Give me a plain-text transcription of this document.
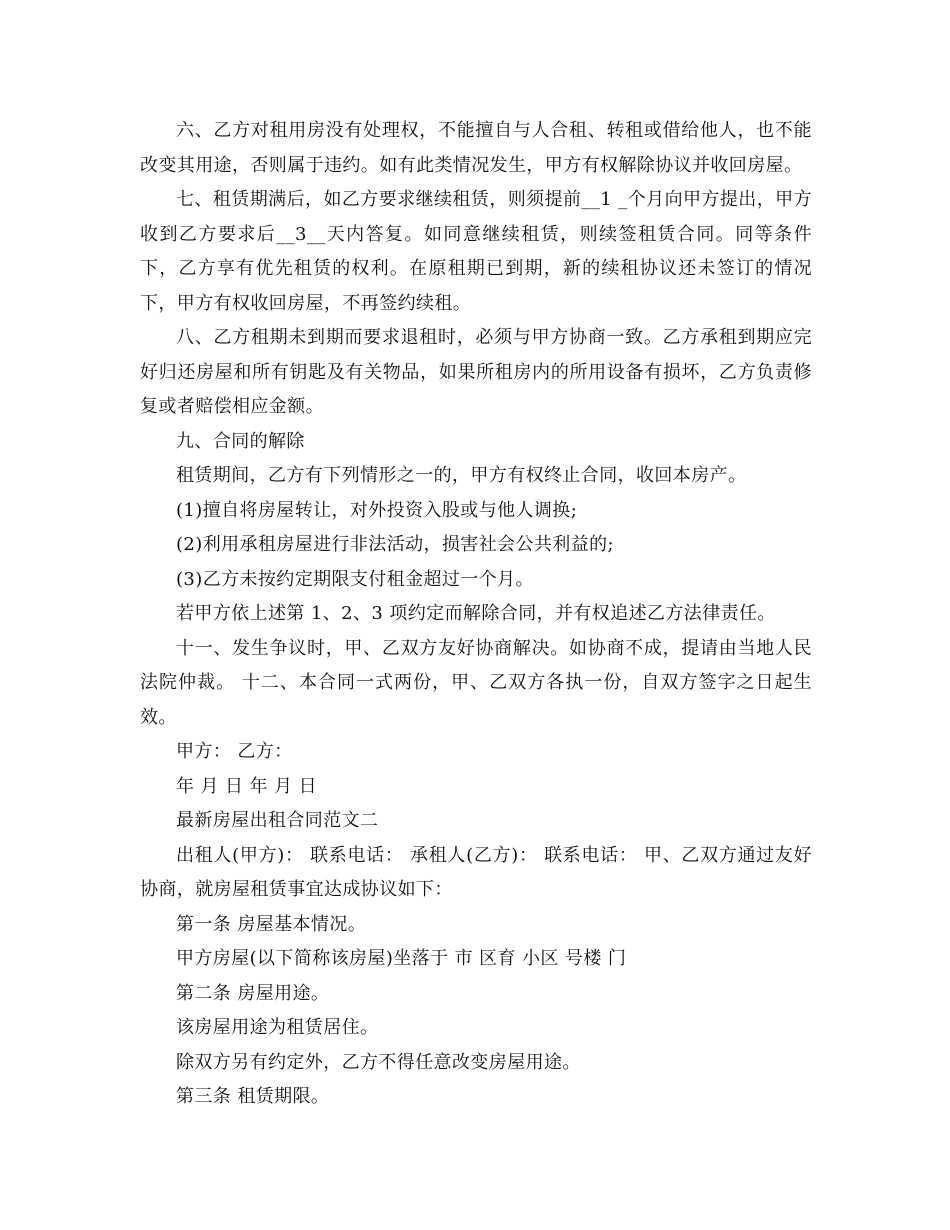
六、乙方对租用房没有处理权，不能擅自与人合租、转租或借给他人，也不能改变其用途，否则属于违约。如有此类情况发生，甲方有权解除协议并收回房屋。

七、租赁期满后，如乙方要求继续租赁，则须提前__1 _个月向甲方提出，甲方收到乙方要求后__3__天内答复。如同意继续租赁，则续签租赁合同。同等条件下，乙方享有优先租赁的权利。在原租期已到期，新的续租协议还未签订的情况下，甲方有权收回房屋，不再签约续租。

八、乙方租期未到期而要求退租时，必须与甲方协商一致。乙方承租到期应完好归还房屋和所有钥匙及有关物品，如果所租房内的所用设备有损坏，乙方负责修复或者赔偿相应金额。

九、合同的解除

租赁期间，乙方有下列情形之一的，甲方有权终止合同，收回本房产。

(1)擅自将房屋转让，对外投资入股或与他人调换;

(2)利用承租房屋进行非法活动，损害社会公共利益的;

(3)乙方未按约定期限支付租金超过一个月。

若甲方依上述第 1、2、3 项约定而解除合同，并有权追述乙方法律责任。

十一、发生争议时，甲、乙双方友好协商解决。如协商不成，提请由当地人民法院仲裁。 十二、本合同一式两份，甲、乙双方各执一份，自双方签字之日起生效。

甲方： 乙方：

年 月 日 年 月 日

最新房屋出租合同范文二

出租人(甲方)： 联系电话： 承租人(乙方)： 联系电话： 甲、乙双方通过友好协商，就房屋租赁事宜达成协议如下：

第一条 房屋基本情况。

甲方房屋(以下简称该房屋)坐落于 市 区育 小区 号楼 门

第二条 房屋用途。

该房屋用途为租赁居住。

除双方另有约定外，乙方不得任意改变房屋用途。

第三条 租赁期限。
